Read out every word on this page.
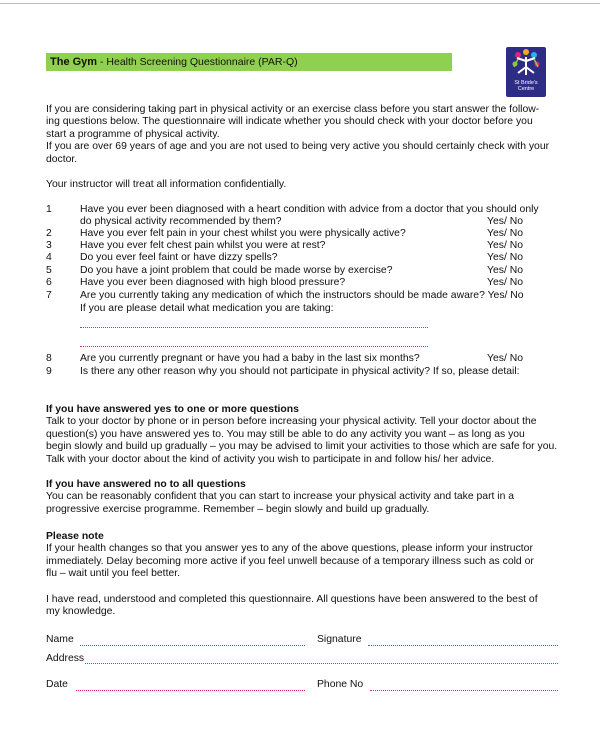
The Gym - Health Screening Questionnaire (PAR-Q)
St Bride's
Centre
If you are considering taking part in physical activity or an exercise class before you start answer the follow-
ing questions below. The questionnaire will indicate whether you should check with your doctor before you
start a programme of physical activity.
If you are over 69 years of age and you are not used to being very active you should certainly check with your
doctor.
Your instructor will treat all information confidentially.
1	Have you ever been diagnosed with a heart condition with advice from a doctor that you should only
do physical activity recommended by them?	Yes/ No
2	Have you ever felt pain in your chest whilst you were physically active?	Yes/ No
3	Have you ever felt chest pain whilst you were at rest?	Yes/ No
4	Do you ever feel faint or have dizzy spells?	Yes/ No
5	Do you have a joint problem that could be made worse by exercise?	Yes/ No
6	Have you ever been diagnosed with high blood pressure?	Yes/ No
7	Are you currently taking any medication of which the instructors should be made aware? Yes/ No
If you are please detail what medication you are taking:
8	Are you currently pregnant or have you had a baby in the last six months?	Yes/ No
9	Is there any other reason why you should not participate in physical activity? If so, please detail:
If you have answered yes to one or more questions
Talk to your doctor by phone or in person before increasing your physical activity. Tell your doctor about the
question(s) you have answered yes to. You may still be able to do any activity you want – as long as you
begin slowly and build up gradually – you may be advised to limit your activities to those which are safe for you.
Talk with your doctor about the kind of activity you wish to participate in and follow his/ her advice.
If you have answered no to all questions
You can be reasonably confident that you can start to increase your physical activity and take part in a
progressive exercise programme. Remember – begin slowly and build up gradually.
Please note
If your health changes so that you answer yes to any of the above questions, please inform your instructor
immediately. Delay becoming more active if you feel unwell because of a temporary illness such as cold or
flu – wait until you feel better.
I have read, understood and completed this questionnaire. All questions have been answered to the best of
my knowledge.
Name	Signature
Address
Date	Phone No
